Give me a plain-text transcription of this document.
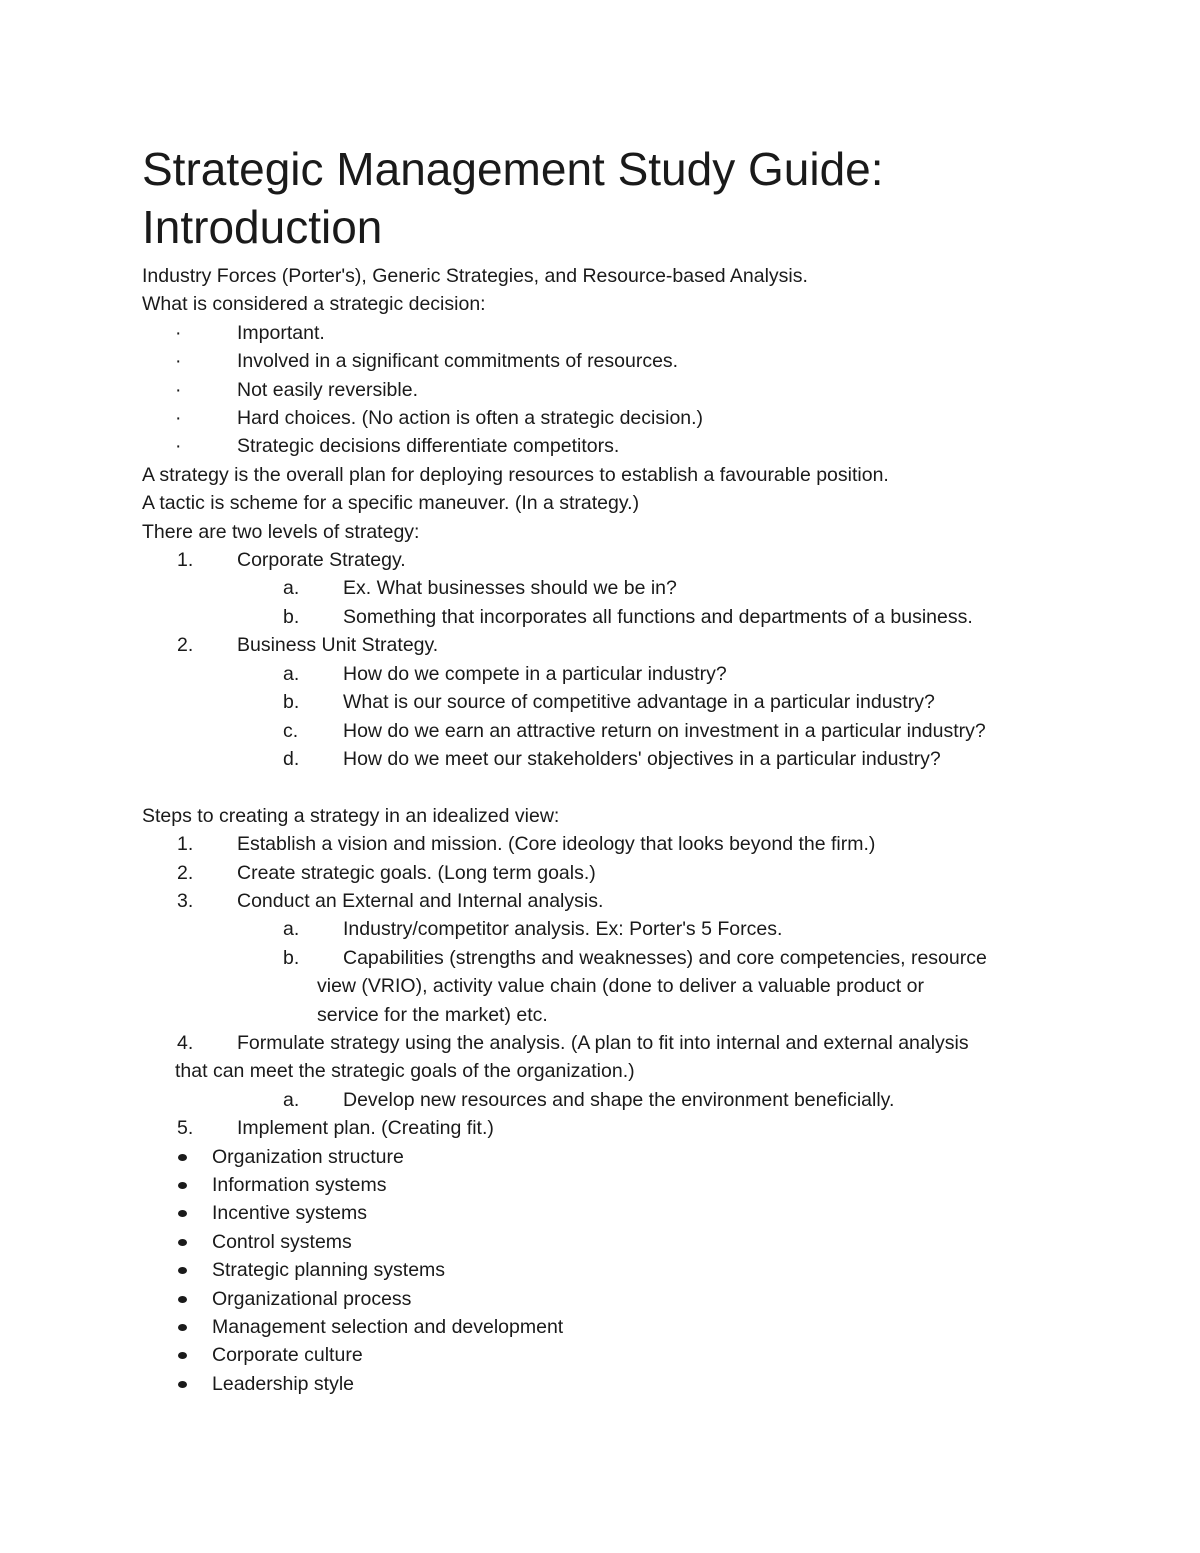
Strategic Management Study Guide:
Introduction
Industry Forces (Porter's), Generic Strategies, and Resource-based Analysis.
What is considered a strategic decision:

·	Important.

·	Involved in a significant commitments of resources.

·	Not easily reversible.

·	Hard choices. (No action is often a strategic decision.)

·	Strategic decisions differentiate competitors.
A strategy is the overall plan for deploying resources to establish a favourable position.
A tactic is scheme for a specific maneuver. (In a strategy.)
There are two levels of strategy:

1. Corporate Strategy.

a. Ex. What businesses should we be in?

b. Something that incorporates all functions and departments of a business.

2. Business Unit Strategy.

a. How do we compete in a particular industry?

b. What is our source of competitive advantage in a particular industry?

c. How do we earn an attractive return on investment in a particular industry?

d. How do we meet our stakeholders' objectives in a particular industry?
Steps to creating a strategy in an idealized view:

1. Establish a vision and mission. (Core ideology that looks beyond the firm.)

2. Create strategic goals. (Long term goals.)

3. Conduct an External and Internal analysis.

a. Industry/competitor analysis. Ex: Porter's 5 Forces.

b. Capabilities (strengths and weaknesses) and core competencies, resource
view (VRIO), activity value chain (done to deliver a valuable product or
service for the market) etc.

4. Formulate strategy using the analysis. (A plan to fit into internal and external analysis
that can meet the strategic goals of the organization.)

a. Develop new resources and shape the environment beneficially.

5. Implement plan. (Creating fit.)

Organization structure

Information systems

Incentive systems

Control systems

Strategic planning systems

Organizational process

Management selection and development

Corporate culture

Leadership style
